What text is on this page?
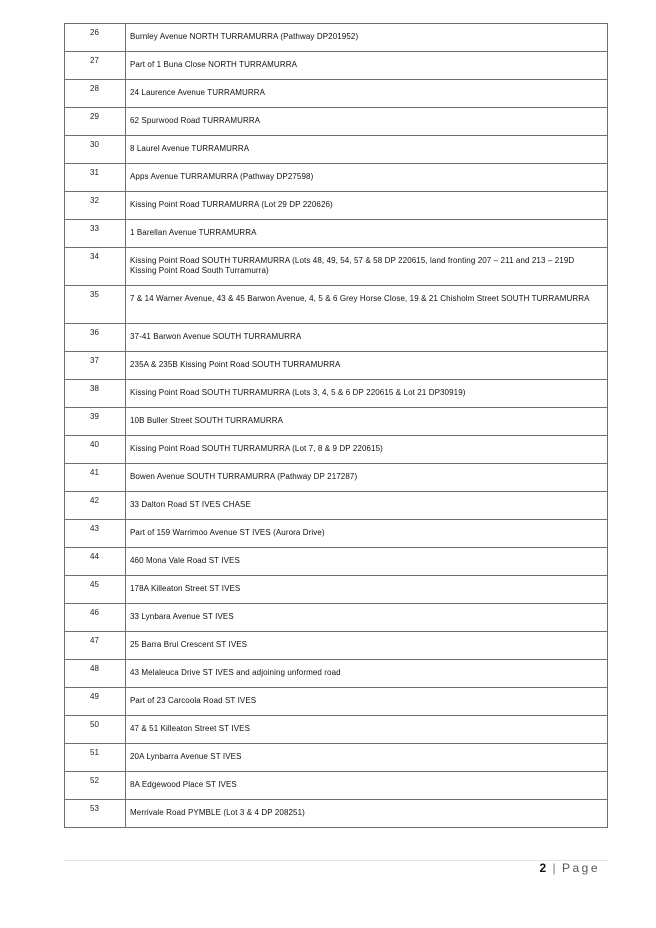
26	Burnley Avenue NORTH TURRAMURRA (Pathway DP201952)
27	Part of 1 Buna Close NORTH TURRAMURRA
28	24 Laurence Avenue TURRAMURRA
29	62 Spurwood Road TURRAMURRA
30	8 Laurel Avenue TURRAMURRA
31	Apps Avenue TURRAMURRA (Pathway DP27598)
32	Kissing Point Road TURRAMURRA (Lot 29 DP 220626)
33	1 Barellan Avenue TURRAMURRA
34	Kissing Point Road SOUTH TURRAMURRA (Lots 48, 49, 54, 57 & 58 DP 220615, land fronting 207 – 211 and 213 – 219D Kissing Point Road South Turramurra)
35	7 & 14 Warner Avenue, 43 & 45 Barwon Avenue, 4, 5 & 6 Grey Horse Close, 19 & 21 Chisholm Street SOUTH TURRAMURRA
36	37-41 Barwon Avenue SOUTH TURRAMURRA
37	235A & 235B Kissing Point Road SOUTH TURRAMURRA
38	Kissing Point Road SOUTH TURRAMURRA (Lots 3, 4, 5 & 6 DP 220615 & Lot 21 DP30919)
39	10B Buller Street SOUTH TURRAMURRA
40	Kissing Point Road SOUTH TURRAMURRA (Lot 7, 8 & 9 DP 220615)
41	Bowen Avenue SOUTH TURRAMURRA (Pathway DP 217287)
42	33 Dalton Road ST IVES CHASE
43	Part of 159 Warrimoo Avenue ST IVES (Aurora Drive)
44	460 Mona Vale Road ST IVES
45	178A Killeaton Street ST IVES
46	33 Lynbara Avenue ST IVES
47	25 Barra Brui Crescent ST IVES
48	43 Melaleuca Drive ST IVES and adjoining unformed road
49	Part of 23 Carcoola Road ST IVES
50	47 & 51 Killeaton Street ST IVES
51	20A Lynbarra Avenue ST IVES
52	8A Edgewood Place ST IVES
53	Merrivale Road PYMBLE (Lot 3 & 4 DP 208251)
2 | Page
